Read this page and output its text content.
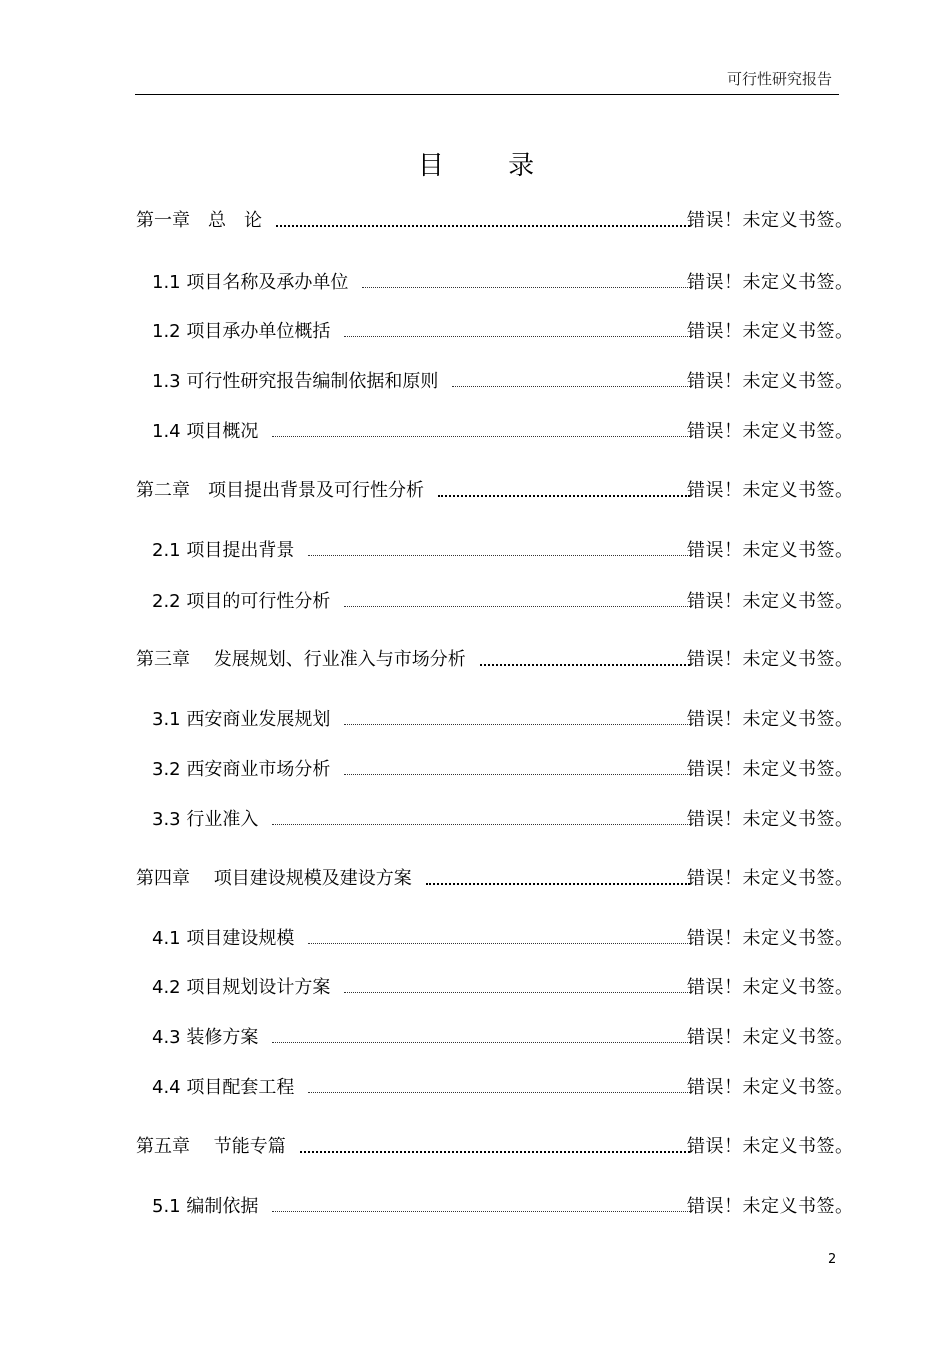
可行性研究报告
目 录
第一章　总　论	错误！未定义书签。
1.1 项目名称及承办单位	错误！未定义书签。
1.2 项目承办单位概括	错误！未定义书签。
1.3 可行性研究报告编制依据和原则	错误！未定义书签。
1.4 项目概况	错误！未定义书签。
第二章　项目提出背景及可行性分析	错误！未定义书签。
2.1 项目提出背景	错误！未定义书签。
2.2 项目的可行性分析	错误！未定义书签。
第三章　 发展规划、行业准入与市场分析	错误！未定义书签。
3.1 西安商业发展规划	错误！未定义书签。
3.2 西安商业市场分析	错误！未定义书签。
3.3 行业准入	错误！未定义书签。
第四章　 项目建设规模及建设方案	错误！未定义书签。
4.1 项目建设规模	错误！未定义书签。
4.2 项目规划设计方案	错误！未定义书签。
4.3 装修方案	错误！未定义书签。
4.4 项目配套工程	错误！未定义书签。
第五章　 节能专篇	错误！未定义书签。
5.1 编制依据	错误！未定义书签。
2
